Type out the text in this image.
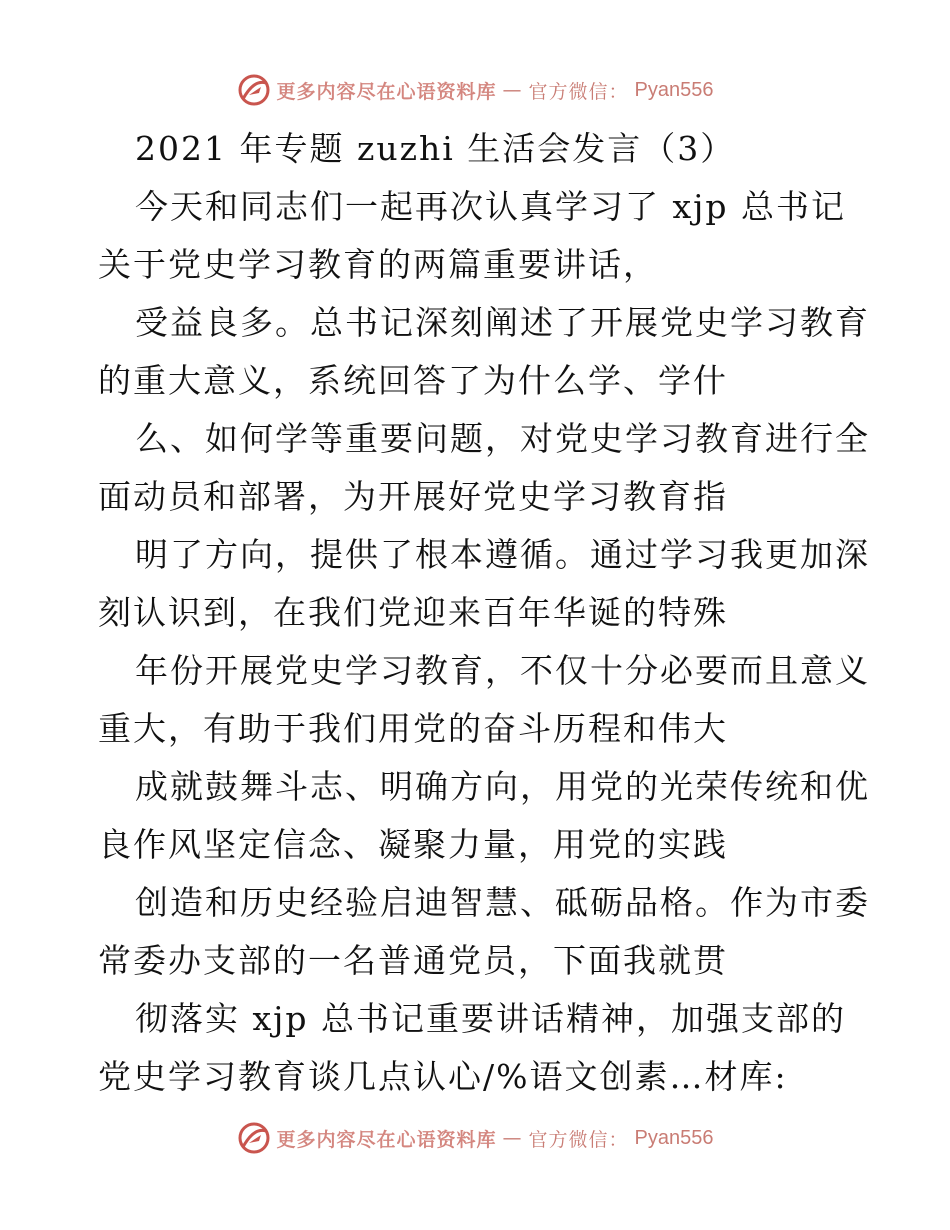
更多内容尽在心语资料库 — 官方微信： Pyan556
2021 年专题 zuzhi 生活会发言（3）
今天和同志们一起再次认真学习了 xjp 总书记
关于党史学习教育的两篇重要讲话，
受益良多。总书记深刻阐述了开展党史学习教育
的重大意义，系统回答了为什么学、学什
么、如何学等重要问题，对党史学习教育进行全
面动员和部署，为开展好党史学习教育指
明了方向，提供了根本遵循。通过学习我更加深
刻认识到，在我们党迎来百年华诞的特殊
年份开展党史学习教育，不仅十分必要而且意义
重大，有助于我们用党的奋斗历程和伟大
成就鼓舞斗志、明确方向，用党的光荣传统和优
良作风坚定信念、凝聚力量，用党的实践
创造和历史经验启迪智慧、砥砺品格。作为市委
常委办支部的一名普通党员，下面我就贯
彻落实 xjp 总书记重要讲话精神，加强支部的
党史学习教育谈几点认心/%语文创素…材库:
更多内容尽在心语资料库 — 官方微信： Pyan556
